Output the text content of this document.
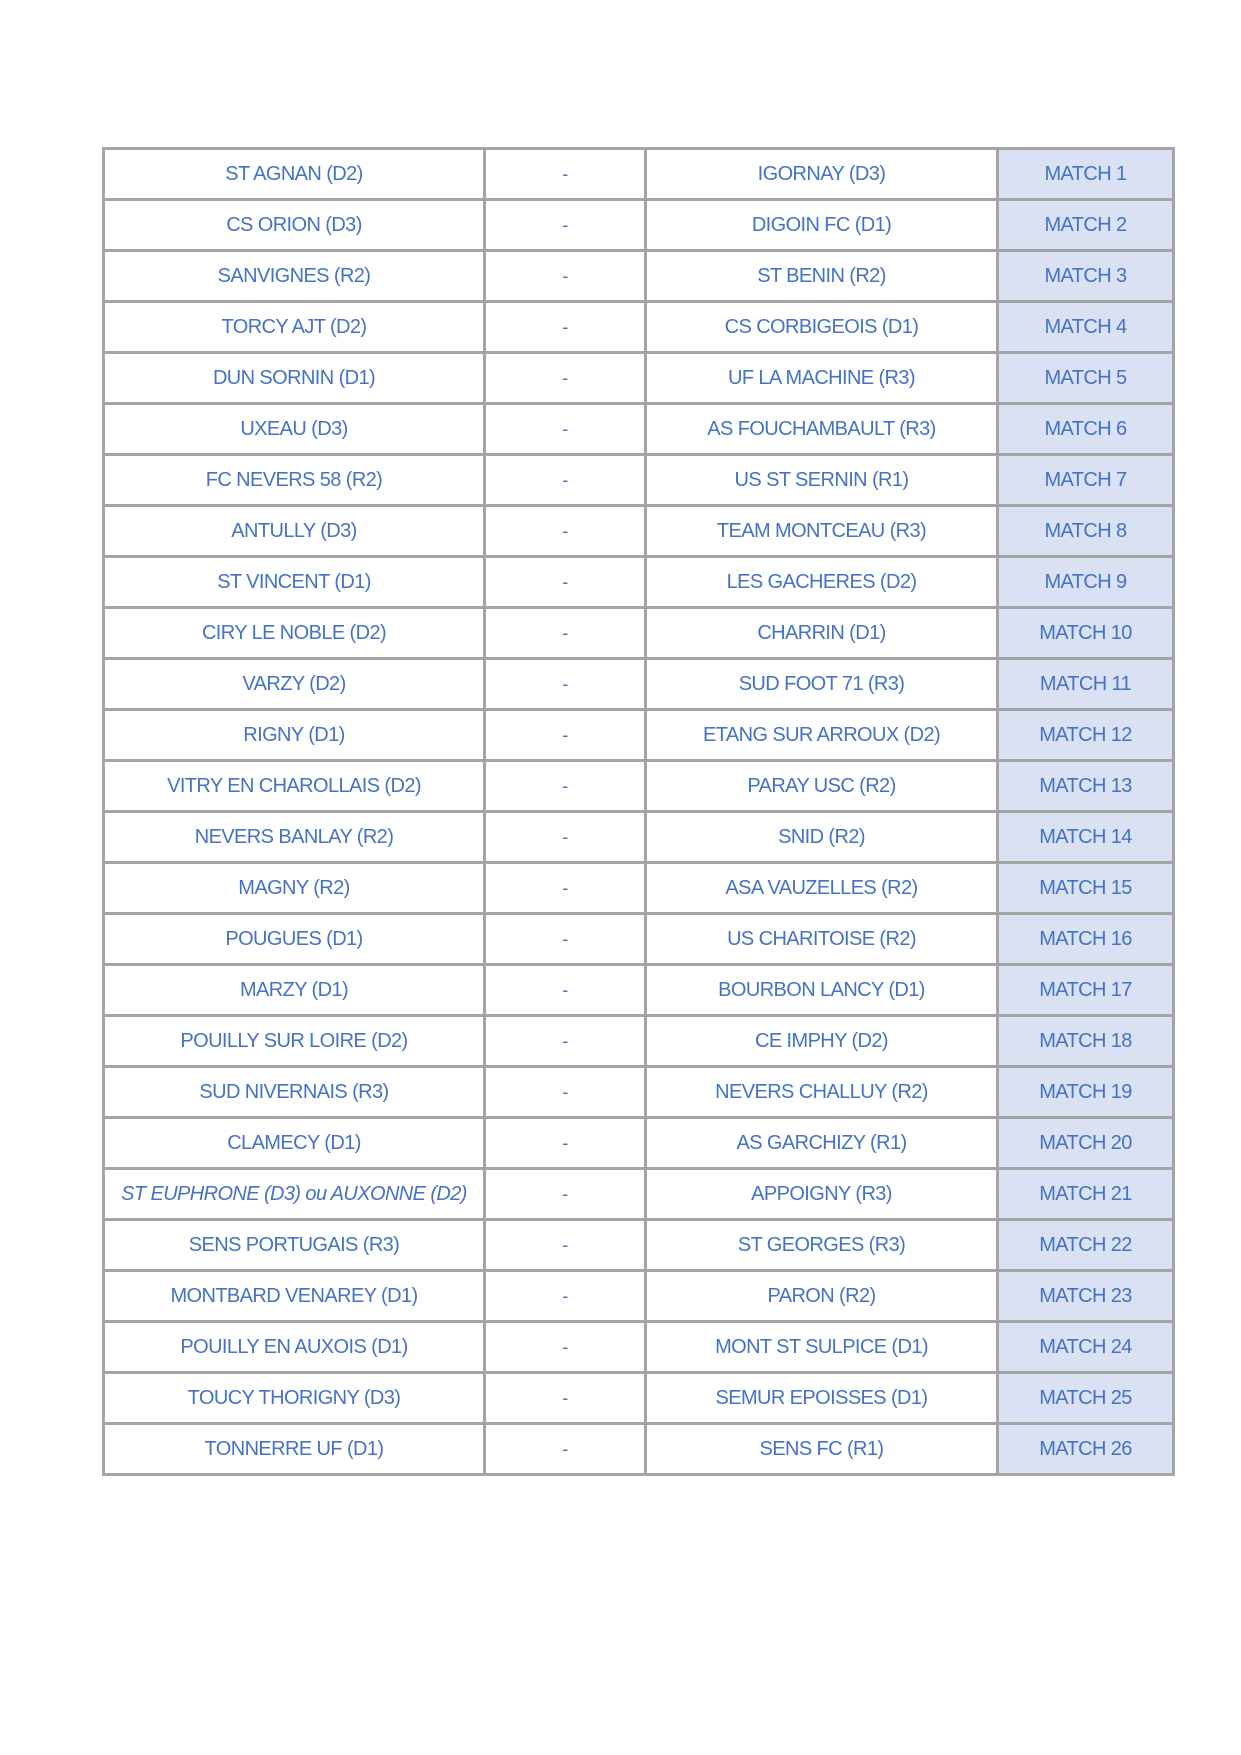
ST AGNAN (D2)	-	IGORNAY (D3)	MATCH 1
CS ORION (D3)	-	DIGOIN FC (D1)	MATCH 2
SANVIGNES (R2)	-	ST BENIN (R2)	MATCH 3
TORCY AJT (D2)	-	CS CORBIGEOIS (D1)	MATCH 4
DUN SORNIN (D1)	-	UF LA MACHINE (R3)	MATCH 5
UXEAU (D3)	-	AS FOUCHAMBAULT (R3)	MATCH 6
FC NEVERS 58 (R2)	-	US ST SERNIN (R1)	MATCH 7
ANTULLY (D3)	-	TEAM MONTCEAU (R3)	MATCH 8
ST VINCENT (D1)	-	LES GACHERES (D2)	MATCH 9
CIRY LE NOBLE (D2)	-	CHARRIN (D1)	MATCH 10
VARZY (D2)	-	SUD FOOT 71 (R3)	MATCH 11
RIGNY (D1)	-	ETANG SUR ARROUX (D2)	MATCH 12
VITRY EN CHAROLLAIS (D2)	-	PARAY USC (R2)	MATCH 13
NEVERS BANLAY (R2)	-	SNID (R2)	MATCH 14
MAGNY (R2)	-	ASA VAUZELLES (R2)	MATCH 15
POUGUES (D1)	-	US CHARITOISE (R2)	MATCH 16
MARZY (D1)	-	BOURBON LANCY (D1)	MATCH 17
POUILLY SUR LOIRE (D2)	-	CE IMPHY (D2)	MATCH 18
SUD NIVERNAIS (R3)	-	NEVERS CHALLUY (R2)	MATCH 19
CLAMECY (D1)	-	AS GARCHIZY (R1)	MATCH 20
ST EUPHRONE (D3) ou AUXONNE (D2)	-	APPOIGNY (R3)	MATCH 21
SENS PORTUGAIS (R3)	-	ST GEORGES (R3)	MATCH 22
MONTBARD VENAREY (D1)	-	PARON (R2)	MATCH 23
POUILLY EN AUXOIS (D1)	-	MONT ST SULPICE (D1)	MATCH 24
TOUCY THORIGNY (D3)	-	SEMUR EPOISSES (D1)	MATCH 25
TONNERRE UF (D1)	-	SENS FC (R1)	MATCH 26
